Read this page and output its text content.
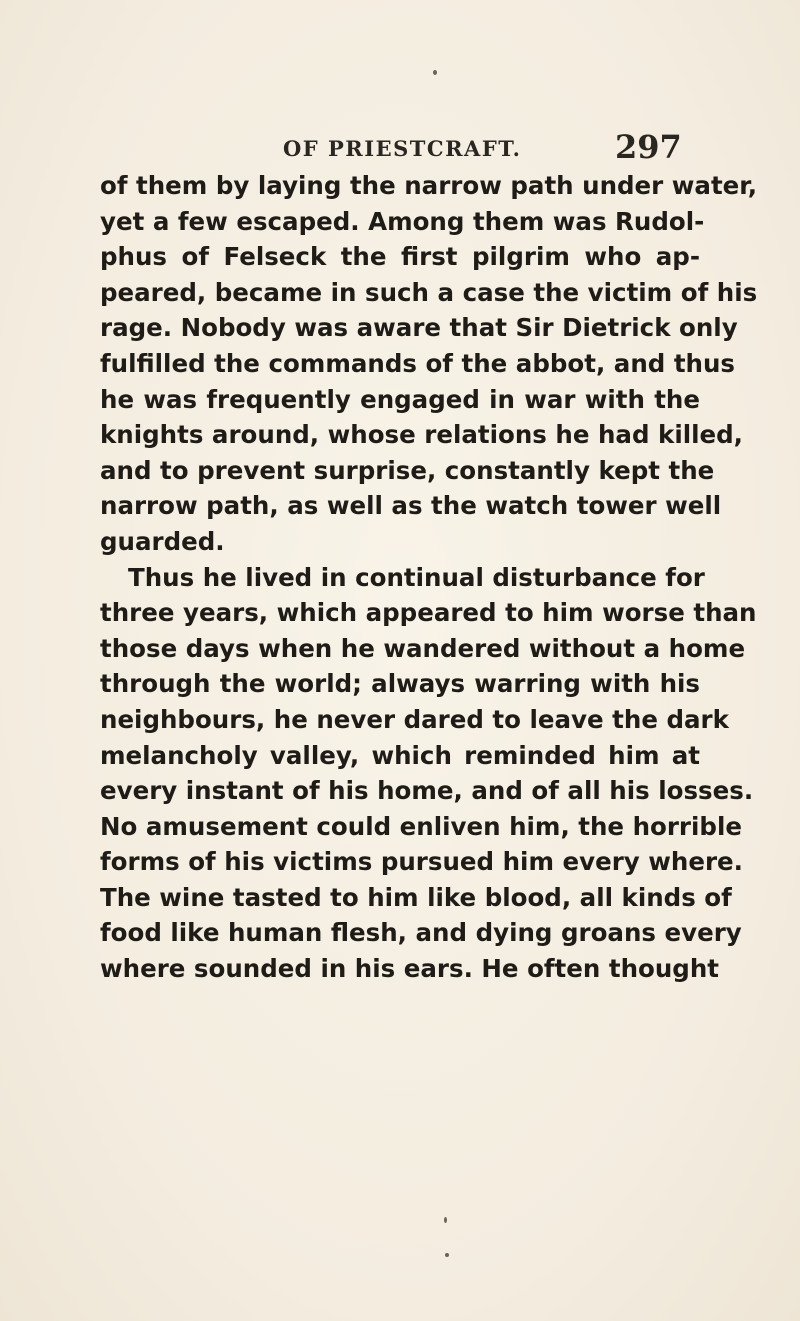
OF PRIESTCRAFT.	297
of them by laying the narrow path under water,
yet a few escaped. Among them was Rudol-
phus of Felseck the first pilgrim who ap-
peared, became in such a case the victim of his
rage. Nobody was aware that Sir Dietrick only
fulfilled the commands of the abbot, and thus
he was frequently engaged in war with the
knights around, whose relations he had killed,
and to prevent surprise, constantly kept the
narrow path, as well as the watch tower well
guarded.
Thus he lived in continual disturbance for
three years, which appeared to him worse than
those days when he wandered without a home
through the world; always warring with his
neighbours, he never dared to leave the dark
melancholy valley, which reminded him at
every instant of his home, and of all his losses.
No amusement could enliven him, the horrible
forms of his victims pursued him every where.
The wine tasted to him like blood, all kinds of
food like human flesh, and dying groans every
where sounded in his ears. He often thought
